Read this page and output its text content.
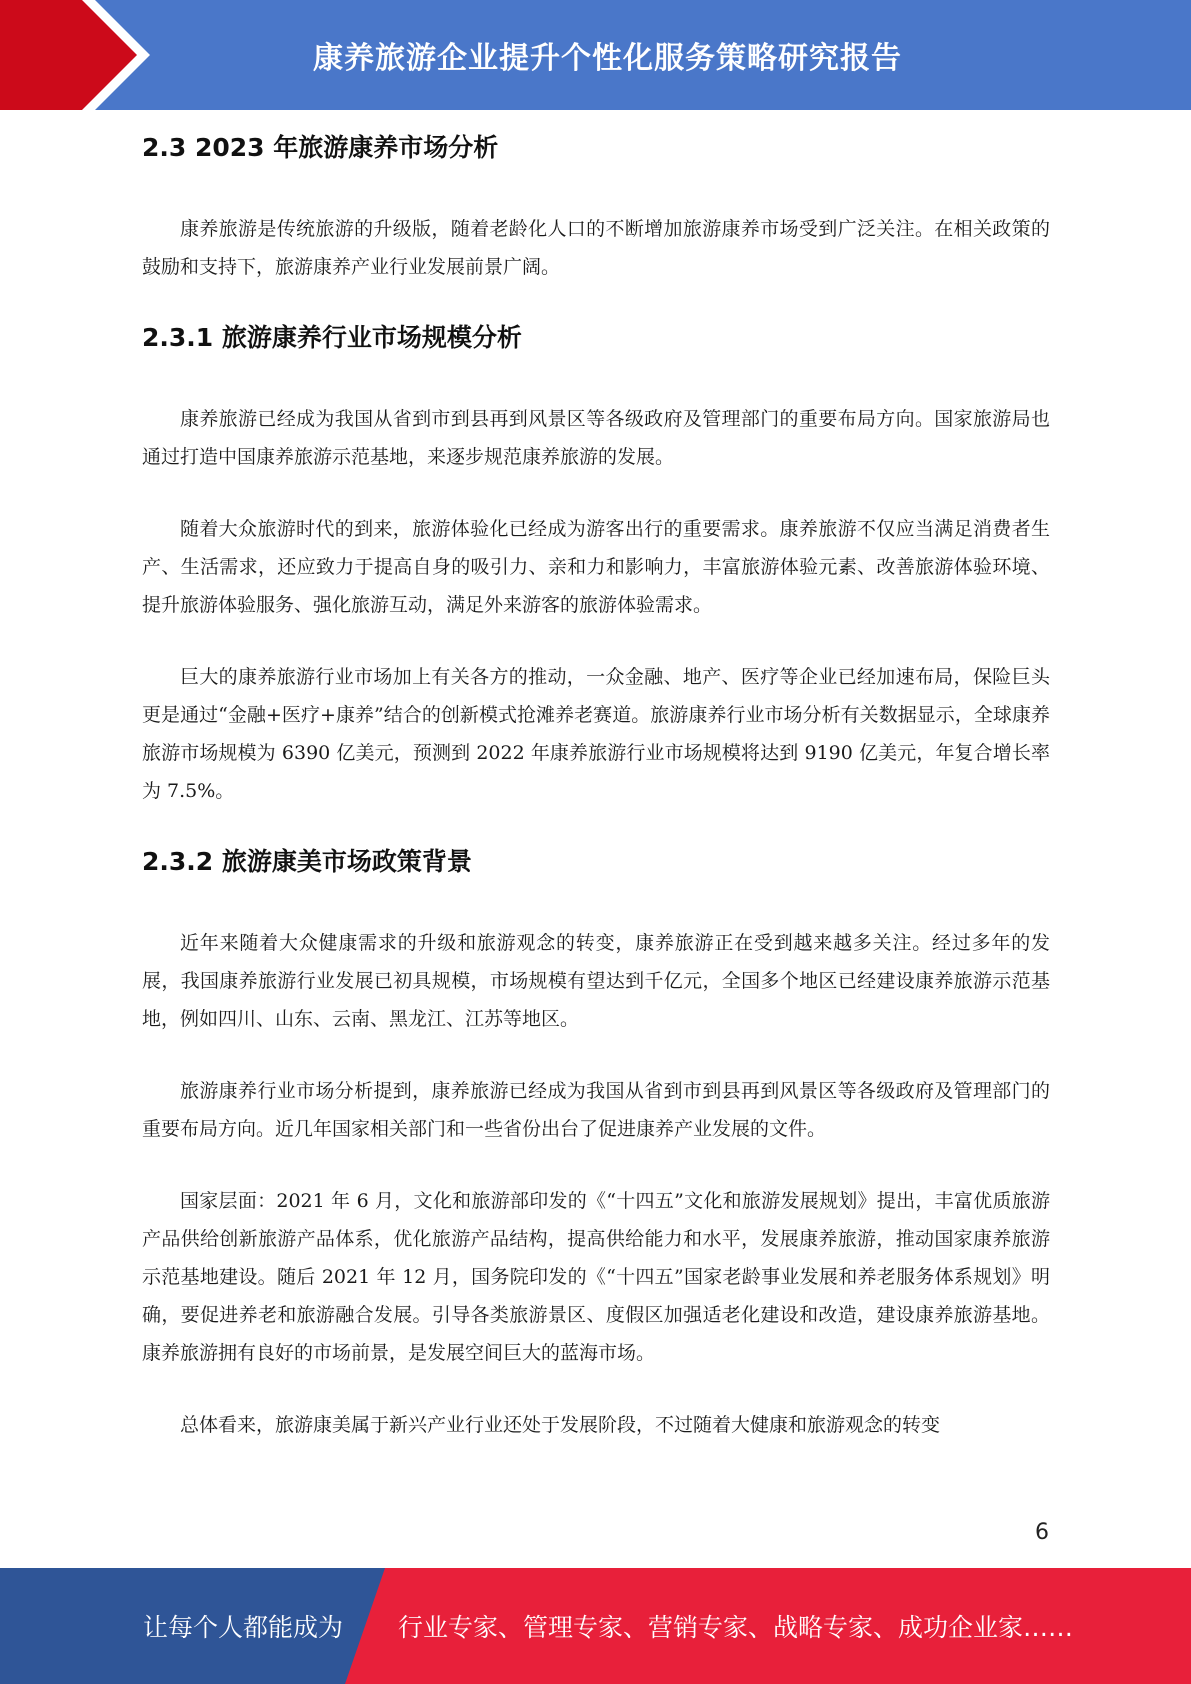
康养旅游企业提升个性化服务策略研究报告
2.3 2023 年旅游康养市场分析

康养旅游是传统旅游的升级版，随着老龄化人口的不断增加旅游康养市场受到广泛关注。在相关政策的鼓励和支持下，旅游康养产业行业发展前景广阔。

2.3.1 旅游康养行业市场规模分析

康养旅游已经成为我国从省到市到县再到风景区等各级政府及管理部门的重要布局方向。国家旅游局也通过打造中国康养旅游示范基地，来逐步规范康养旅游的发展。

随着大众旅游时代的到来，旅游体验化已经成为游客出行的重要需求。康养旅游不仅应当满足消费者生产、生活需求，还应致力于提高自身的吸引力、亲和力和影响力，丰富旅游体验元素、改善旅游体验环境、提升旅游体验服务、强化旅游互动，满足外来游客的旅游体验需求。

巨大的康养旅游行业市场加上有关各方的推动，一众金融、地产、医疗等企业已经加速布局，保险巨头更是通过“金融+医疗+康养”结合的创新模式抢滩养老赛道。旅游康养行业市场分析有关数据显示，全球康养旅游市场规模为 6390 亿美元，预测到 2022 年康养旅游行业市场规模将达到 9190 亿美元，年复合增长率为 7.5%。

2.3.2 旅游康美市场政策背景

近年来随着大众健康需求的升级和旅游观念的转变，康养旅游正在受到越来越多关注。经过多年的发展，我国康养旅游行业发展已初具规模，市场规模有望达到千亿元，全国多个地区已经建设康养旅游示范基地，例如四川、山东、云南、黑龙江、江苏等地区。

旅游康养行业市场分析提到，康养旅游已经成为我国从省到市到县再到风景区等各级政府及管理部门的重要布局方向。近几年国家相关部门和一些省份出台了促进康养产业发展的文件。

国家层面：2021 年 6 月，文化和旅游部印发的《“十四五”文化和旅游发展规划》提出，丰富优质旅游产品供给创新旅游产品体系，优化旅游产品结构，提高供给能力和水平，发展康养旅游，推动国家康养旅游示范基地建设。随后 2021 年 12 月，国务院印发的《“十四五”国家老龄事业发展和养老服务体系规划》明确，要促进养老和旅游融合发展。引导各类旅游景区、度假区加强适老化建设和改造，建设康养旅游基地。康养旅游拥有良好的市场前景，是发展空间巨大的蓝海市场。

总体看来，旅游康美属于新兴产业行业还处于发展阶段，不过随着大健康和旅游观念的转变

6
让每个人都能成为 行业专家、管理专家、营销专家、战略专家、成功企业家……
